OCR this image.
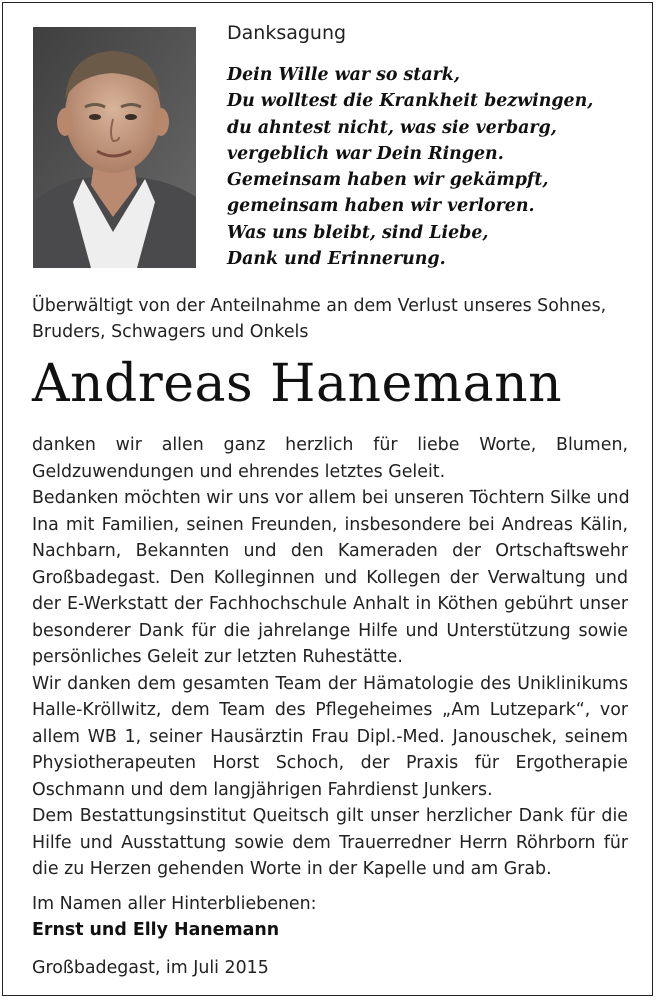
Danksagung
Dein Wille war so stark,
Du wolltest die Krankheit bezwingen,
du ahntest nicht, was sie verbarg,
vergeblich war Dein Ringen.
Gemeinsam haben wir gekämpft,
gemeinsam haben wir verloren.
Was uns bleibt, sind Liebe,
Dank und Erinnerung.
Überwältigt von der Anteilnahme an dem Verlust unseres Sohnes,
Bruders, Schwagers und Onkels
Andreas Hanemann
danken wir allen ganz herzlich für liebe Worte, Blumen,
Geldzuwendungen und ehrendes letztes Geleit.
Bedanken möchten wir uns vor allem bei unseren Töchtern Silke und
Ina mit Familien, seinen Freunden, insbesondere bei Andreas Kälin,
Nachbarn, Bekannten und den Kameraden der Ortschaftswehr
Großbadegast. Den Kolleginnen und Kollegen der Verwaltung und
der E-Werkstatt der Fachhochschule Anhalt in Köthen gebührt unser
besonderer Dank für die jahrelange Hilfe und Unterstützung sowie
persönliches Geleit zur letzten Ruhestätte.
Wir danken dem gesamten Team der Hämatologie des Uniklinikums
Halle-Kröllwitz, dem Team des Pflegeheimes „Am Lutzepark“, vor
allem WB 1, seiner Hausärztin Frau Dipl.-Med. Janouschek, seinem
Physiotherapeuten Horst Schoch, der Praxis für Ergotherapie
Oschmann und dem langjährigen Fahrdienst Junkers.
Dem Bestattungsinstitut Queitsch gilt unser herzlicher Dank für die
Hilfe und Ausstattung sowie dem Trauerredner Herrn Röhrborn für
die zu Herzen gehenden Worte in der Kapelle und am Grab.
Im Namen aller Hinterbliebenen:
Ernst und Elly Hanemann
Großbadegast, im Juli 2015
